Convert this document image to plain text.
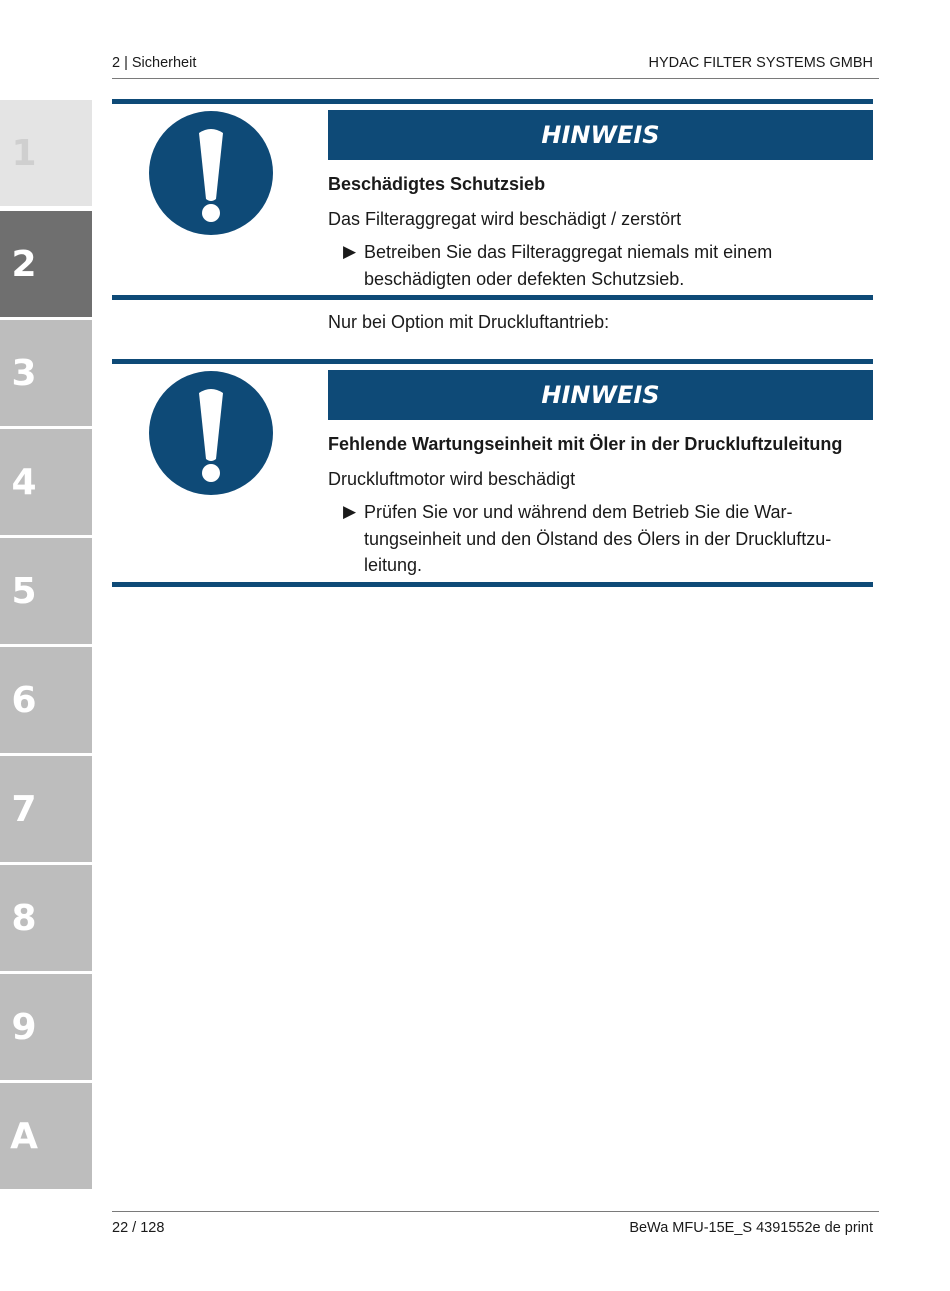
2 | Sicherheit	HYDAC FILTER SYSTEMS GMBH
1
2
3
4
5
6
7
8
9
A
HINWEIS
Beschädigtes Schutzsieb
Das Filteraggregat wird beschädigt / zerstört
▶ Betreiben Sie das Filteraggregat niemals mit einem
beschädigten oder defekten Schutzsieb.
Nur bei Option mit Druckluftantrieb:
HINWEIS
Fehlende Wartungseinheit mit Öler in der Druckluftzuleitung
Druckluftmotor wird beschädigt
▶ Prüfen Sie vor und während dem Betrieb Sie die War-
tungseinheit und den Ölstand des Ölers in der Druckluftzu-
leitung.
22 / 128	BeWa MFU-15E_S 4391552e de print
